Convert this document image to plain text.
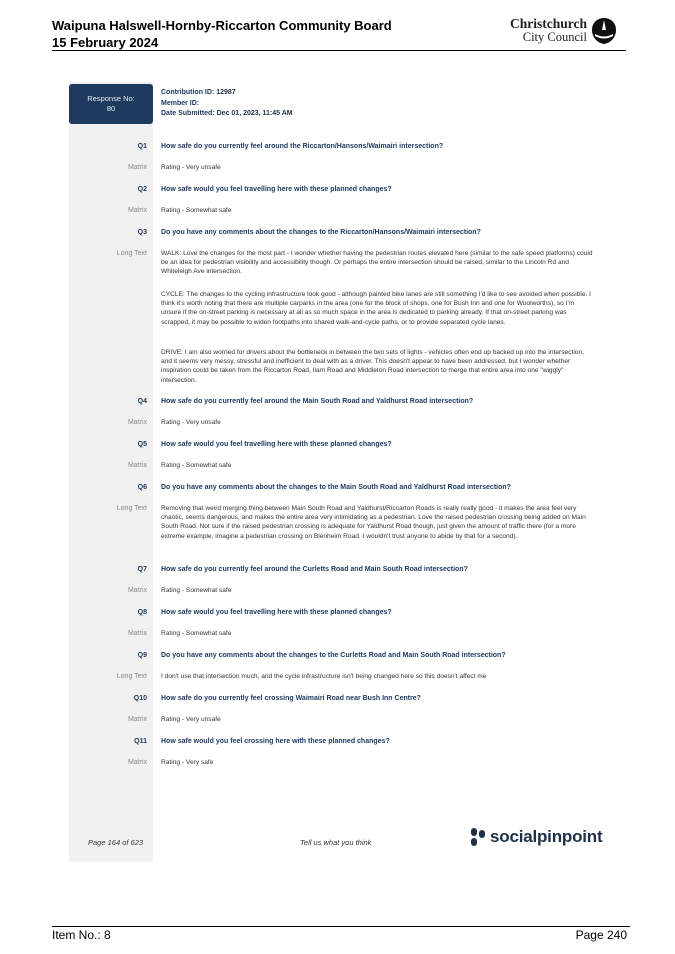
Waipuna Halswell-Hornby-Riccarton Community Board
15 February 2024
Christchurch
City Council
Response No:
80
Contribution ID: 12987
Member ID:
Date Submitted: Dec 01, 2023, 11:45 AM
Q1 How safe do you currently feel around the Riccarton/Hansons/Waimairi intersection?
Matrix Rating - Very unsafe
Q2 How safe would you feel travelling here with these planned changes?
Matrix Rating - Somewhat safe
Q3 Do you have any comments about the changes to the Riccarton/Hansons/Waimairi intersection?
Long Text WALK: Love the changes for the most part - I wonder whether having the pedestrian routes elevated here (similar to the safe speed platforms) could be an idea for pedestrian visibility and accessibility though. Or perhaps the entire intersection should be raised, similar to the Lincoln Rd and Whiteleigh Ave intersection.
CYCLE: The changes to the cycling infrastructure look good - although painted bike lanes are still something I'd like to see avoided when possible. I think it's worth noting that there are multiple carparks in the area (one for the block of shops, one for Bush Inn and one for Woolworths), so I'm unsure if the on-street parking is necessary at all as so much space in the area is dedicated to parking already. If that on-street parking was scrapped, it may be possible to widen footpaths into shared walk-and-cycle paths, or to provide separated cycle lanes.
DRIVE: I am also worried for drivers about the bottleneck in between the two sets of lights - vehicles often end up backed up into the intersection, and it seems very messy, stressful and inefficient to deal with as a driver. This doesn't appear to have been addressed, but I wonder whether inspiration could be taken from the Riccarton Road, Ilam Road and Middleton Road intersection to merge that entire area into one "wiggly" intersection.
Q4 How safe do you currently feel around the Main South Road and Yaldhurst Road intersection?
Matrix Rating - Very unsafe
Q5 How safe would you feel travelling here with these planned changes?
Matrix Rating - Somewhat safe
Q6 Do you have any comments about the changes to the Main South Road and Yaldhurst Road intersection?
Long Text Removing that weird merging thing between Main South Road and Yaldhurst/Riccarton Roads is really really good - it makes the area feel very chaotic, seems dangerous, and makes the entire area very intimidating as a pedestrian. Love the raised pedestrian crossing being added on Main South Road. Not sure if the raised pedestrian crossing is adequate for Yaldhurst Road though, just given the amount of traffic there (for a more extreme example, imagine a pedestrian crossing on Blenheim Road. I wouldn't trust anyone to abide by that for a second).
Q7 How safe do you currently feel around the Curletts Road and Main South Road intersection?
Matrix Rating - Somewhat safe
Q8 How safe would you feel travelling here with these planned changes?
Matrix Rating - Somewhat safe
Q9 Do you have any comments about the changes to the Curletts Road and Main South Road intersection?
Long Text I don't use that intersection much, and the cycle infrastructure isn't being changed here so this doesn't affect me
Q10 How safe do you currently feel crossing Waimairi Road near Bush Inn Centre?
Matrix Rating - Very unsafe
Q11 How safe would you feel crossing here with these planned changes?
Matrix Rating - Very safe
Page 164 of 623	Tell us what you think	socialpinpoint
Item No.: 8	Page 240
